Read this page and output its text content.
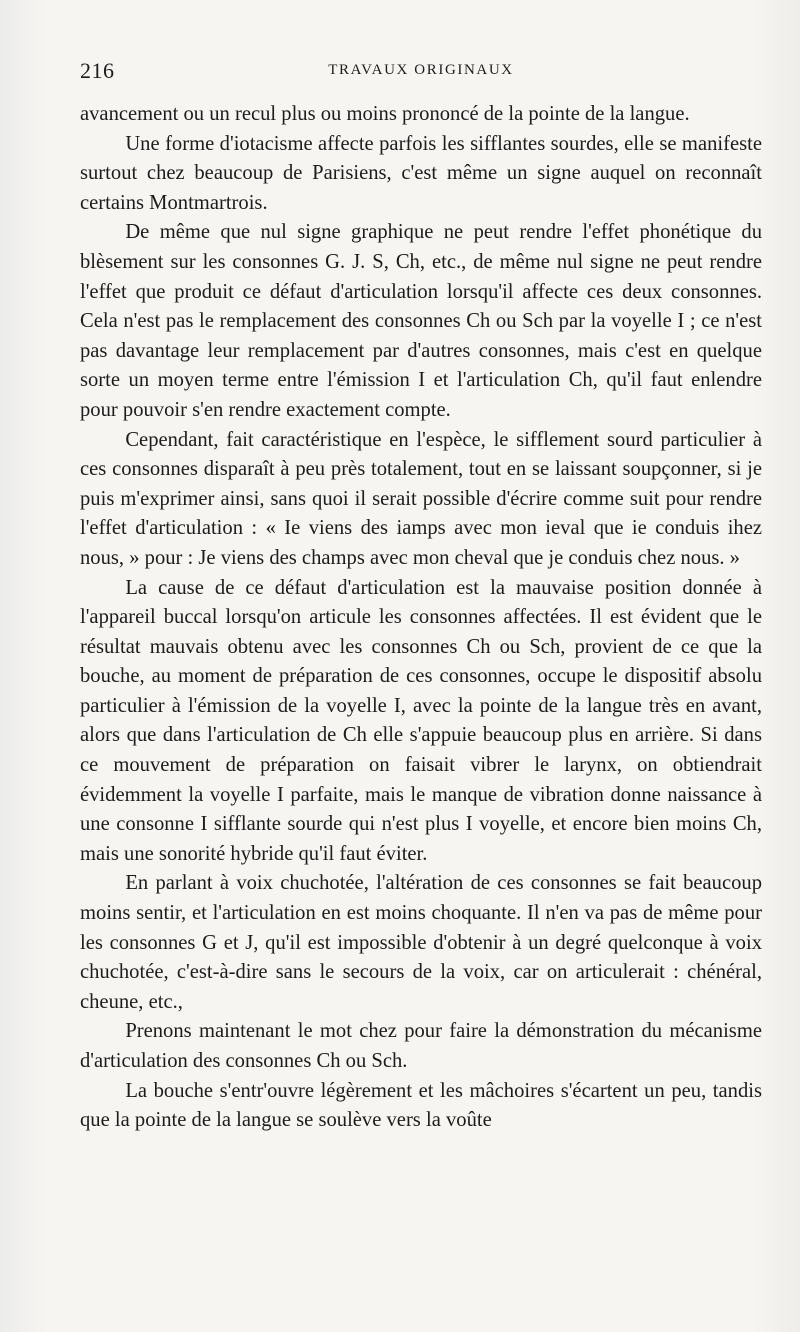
216	TRAVAUX ORIGINAUX

avancement ou un recul plus ou moins prononcé de la pointe de la langue.

Une forme d'iotacisme affecte parfois les sifflantes sourdes, elle se manifeste surtout chez beaucoup de Parisiens, c'est même un signe auquel on reconnaît certains Montmartrois.

De même que nul signe graphique ne peut rendre l'effet phonétique du blèsement sur les consonnes G. J. S, Ch, etc., de même nul signe ne peut rendre l'effet que produit ce défaut d'articulation lorsqu'il affecte ces deux consonnes. Cela n'est pas le remplacement des consonnes Ch ou Sch par la voyelle I ; ce n'est pas davantage leur remplacement par d'autres consonnes, mais c'est en quelque sorte un moyen terme entre l'émission I et l'articulation Ch, qu'il faut enlendre pour pouvoir s'en rendre exactement compte.

Cependant, fait caractéristique en l'espèce, le sifflement sourd particulier à ces consonnes disparaît à peu près totalement, tout en se laissant soupçonner, si je puis m'exprimer ainsi, sans quoi il serait possible d'écrire comme suit pour rendre l'effet d'articulation : « Ie viens des iamps avec mon ieval que ie conduis ihez nous, » pour : Je viens des champs avec mon cheval que je conduis chez nous. »

La cause de ce défaut d'articulation est la mauvaise position donnée à l'appareil buccal lorsqu'on articule les consonnes affectées. Il est évident que le résultat mauvais obtenu avec les consonnes Ch ou Sch, provient de ce que la bouche, au moment de préparation de ces consonnes, occupe le dispositif absolu particulier à l'émission de la voyelle I, avec la pointe de la langue très en avant, alors que dans l'articulation de Ch elle s'appuie beaucoup plus en arrière. Si dans ce mouvement de préparation on faisait vibrer le larynx, on obtiendrait évidemment la voyelle I parfaite, mais le manque de vibration donne naissance à une consonne I sifflante sourde qui n'est plus I voyelle, et encore bien moins Ch, mais une sonorité hybride qu'il faut éviter.

En parlant à voix chuchotée, l'altération de ces consonnes se fait beaucoup moins sentir, et l'articulation en est moins choquante. Il n'en va pas de même pour les consonnes G et J, qu'il est impossible d'obtenir à un degré quelconque à voix chuchotée, c'est-à-dire sans le secours de la voix, car on articulerait : chénéral, cheune, etc.,

Prenons maintenant le mot chez pour faire la démonstration du mécanisme d'articulation des consonnes Ch ou Sch.

La bouche s'entr'ouvre légèrement et les mâchoires s'écartent un peu, tandis que la pointe de la langue se soulève vers la voûte
